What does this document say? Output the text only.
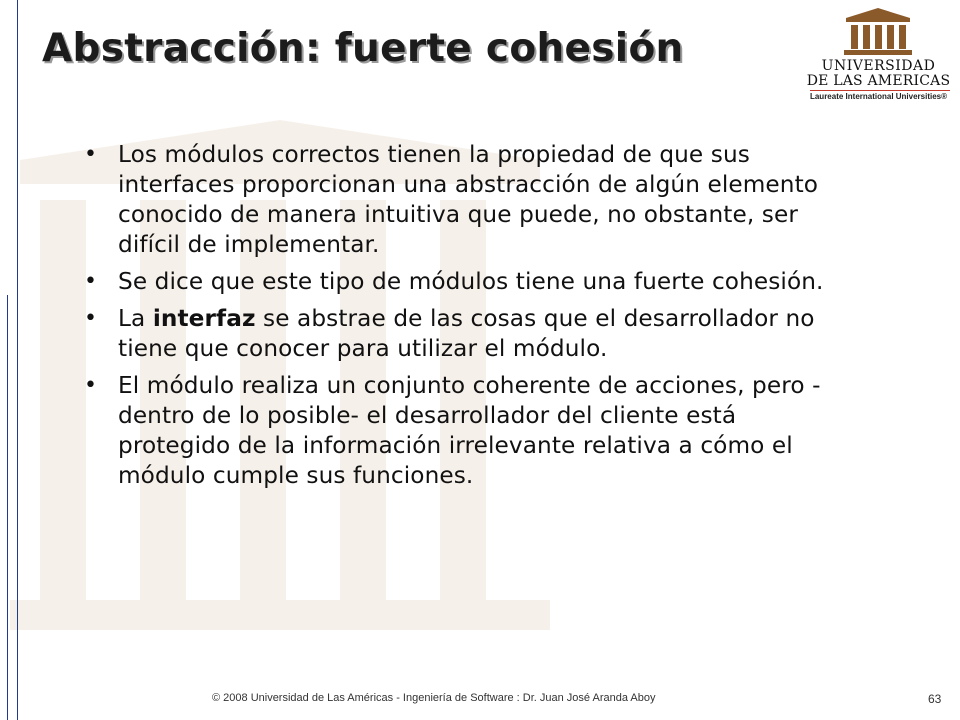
Abstracción: fuerte cohesión	UNIVERSIDAD
DE LAS AMERICAS
Laureate International Universities®
• Los módulos correctos tienen la propiedad de que sus interfaces proporcionan una abstracción de algún elemento conocido de manera intuitiva que puede, no obstante, ser difícil de implementar.
• Se dice que este tipo de módulos tiene una fuerte cohesión.
• La interfaz se abstrae de las cosas que el desarrollador no tiene que conocer para utilizar el módulo.
• El módulo realiza un conjunto coherente de acciones, pero -dentro de lo posible- el desarrollador del cliente está protegido de la información irrelevante relativa a cómo el módulo cumple sus funciones.
© 2008 Universidad de Las Américas - Ingeniería de Software : Dr. Juan José Aranda Aboy	63
